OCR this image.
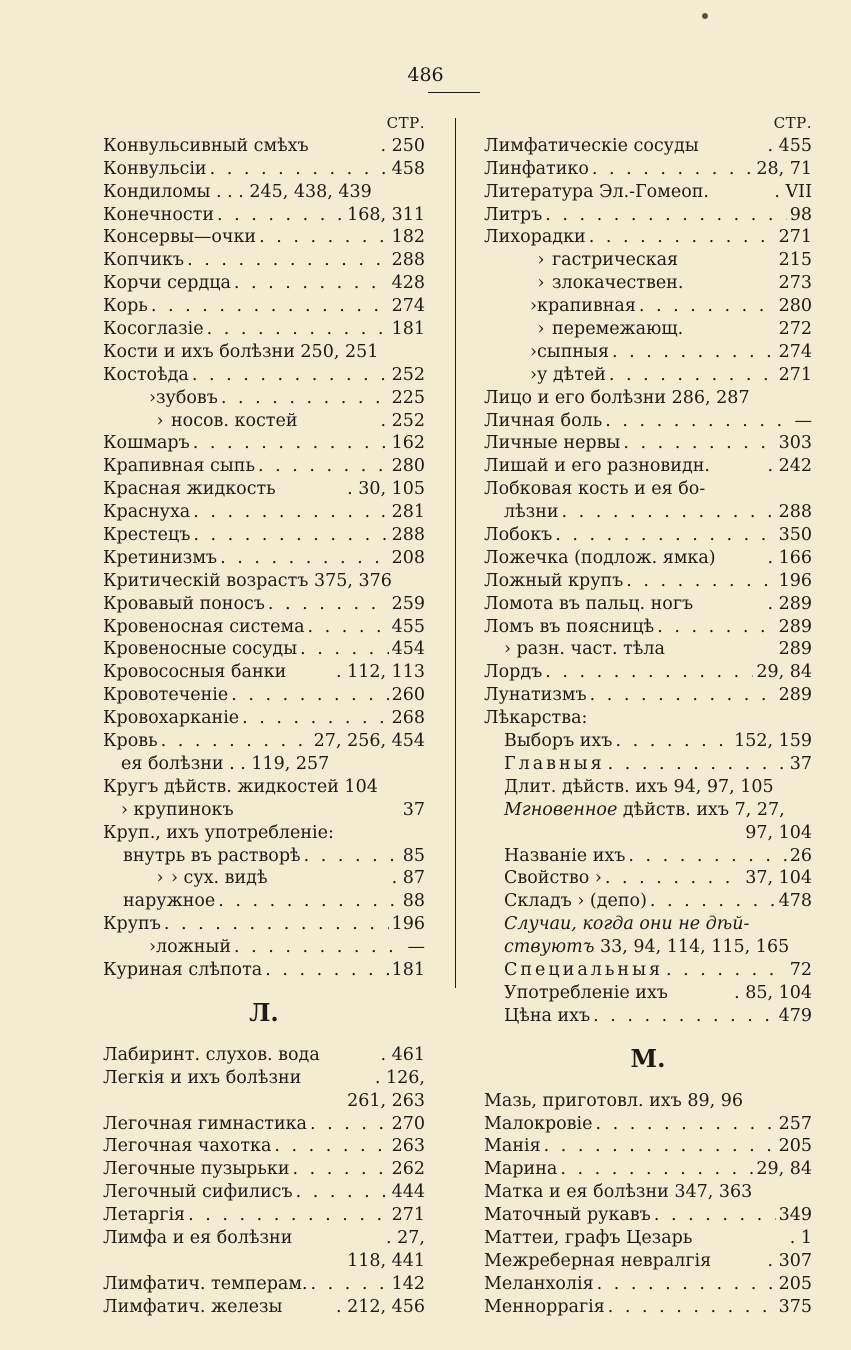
486
СТР.
Конвульсивный смѣхъ	. 250
Конвульсіи . . .	458
Кондиломы . . . 245, 438, 439
Конечности . . .	168, 311
Консервы—очки . . .	182
Копчикъ . . .	288
Корчи сердца . . .	428
Корь . . .	274
Косоглазіе . . .	181
Кости и ихъ болѣзни 250, 251
Костоѣда . . .	252
› зубовъ . . .	225
› носов. костей	. 252
Кошмаръ . . .	162
Крапивная сыпь . . .	280
Красная жидкость	. 30, 105
Краснуха . . .	. 281
Крестецъ . . .	288
Кретинизмъ . . .	208
Критическій возрастъ 375, 376
Кровавый поносъ . . .	259
Кровеносная система . . .	455
Кровеносные сосуды . . .	454
Кровососныя банки	. 112, 113
Кровотеченіе . . .	260
Кровохарканіе . . .	268
Кровь . . .	27, 256, 454
ея болѣзни . . 119, 257
Кругъ дѣйств. жидкостей 104
› крупинокъ	37
Круп., ихъ употребленіе:
внутрь въ растворѣ . . .	85
› › сух. видѣ	. 87
наружное . . .	88
Крупъ . . .	196
› ложный . . .	—
Куриная слѣпота . . .	181
Л.
Лабиринт. слухов. вода	. 461
Легкія и ихъ болѣзни	. 126,
261, 263
Легочная гимнастика . . .	270
Легочная чахотка . . .	263
Легочные пузырьки . . .	262
Легочный сифилисъ . . .	444
Летаргія . . .	271
Лимфа и ея болѣзни	. 27,
118, 441
Лимфатич. темперам. . . .	142
Лимфатич. железы	. 212, 456
СТР.
Лимфатическіе сосуды	. 455
Линфатико . . .	28, 71
Литература Эл.-Гомеоп.	. VII
Литръ . . .	98
Лихорадки . . .	271
› гастрическая	215
› злокачествен.	273
› крапивная . . .	280
› перемежающ.	272
› сыпныя . . .	274
› у дѣтей . . .	271
Лицо и его болѣзни 286, 287
Личная боль . . .	—
Личные нервы . . .	303
Лишай и его разновидн.	. 242
Лобковая кость и ея бо-
лѣзни . . .	288
Лобокъ . . .	350
Ложечка (подлож. ямка)	. 166
Ложный крупъ . . .	196
Ломота въ пальц. ногъ	. 289
Ломъ въ поясницѣ . . .	289
› разн. част. тѣла	289
Лордъ . . .	29, 84
Лунатизмъ . . .	289
Лѣкарства:
Выборъ ихъ . . .	152, 159
Главныя . . .	37
Длит. дѣйств. ихъ 94, 97, 105
Мгновенное дѣйств. ихъ 7, 27,
97, 104
Названіе ихъ . . .	26
Свойство › . . .	37, 104
Складъ › (депо) . . .	478
Случаи, когда они не дѣй-
ствуютъ 33, 94, 114, 115, 165
Специальныя . . .	72
Употребленіе ихъ	. 85, 104
Цѣна ихъ . . .	479
М.
Мазь, приготовл. ихъ 89, 96
Малокровіе . . .	257
Манія . . .	205
Марина . . .	29, 84
Матка и ея болѣзни 347, 363
Маточный рукавъ . . .	349
Маттеи, графъ Цезарь	. 1
Межреберная невралгія	. 307
Меланхолія . . .	205
Менноррагія . . .	375
